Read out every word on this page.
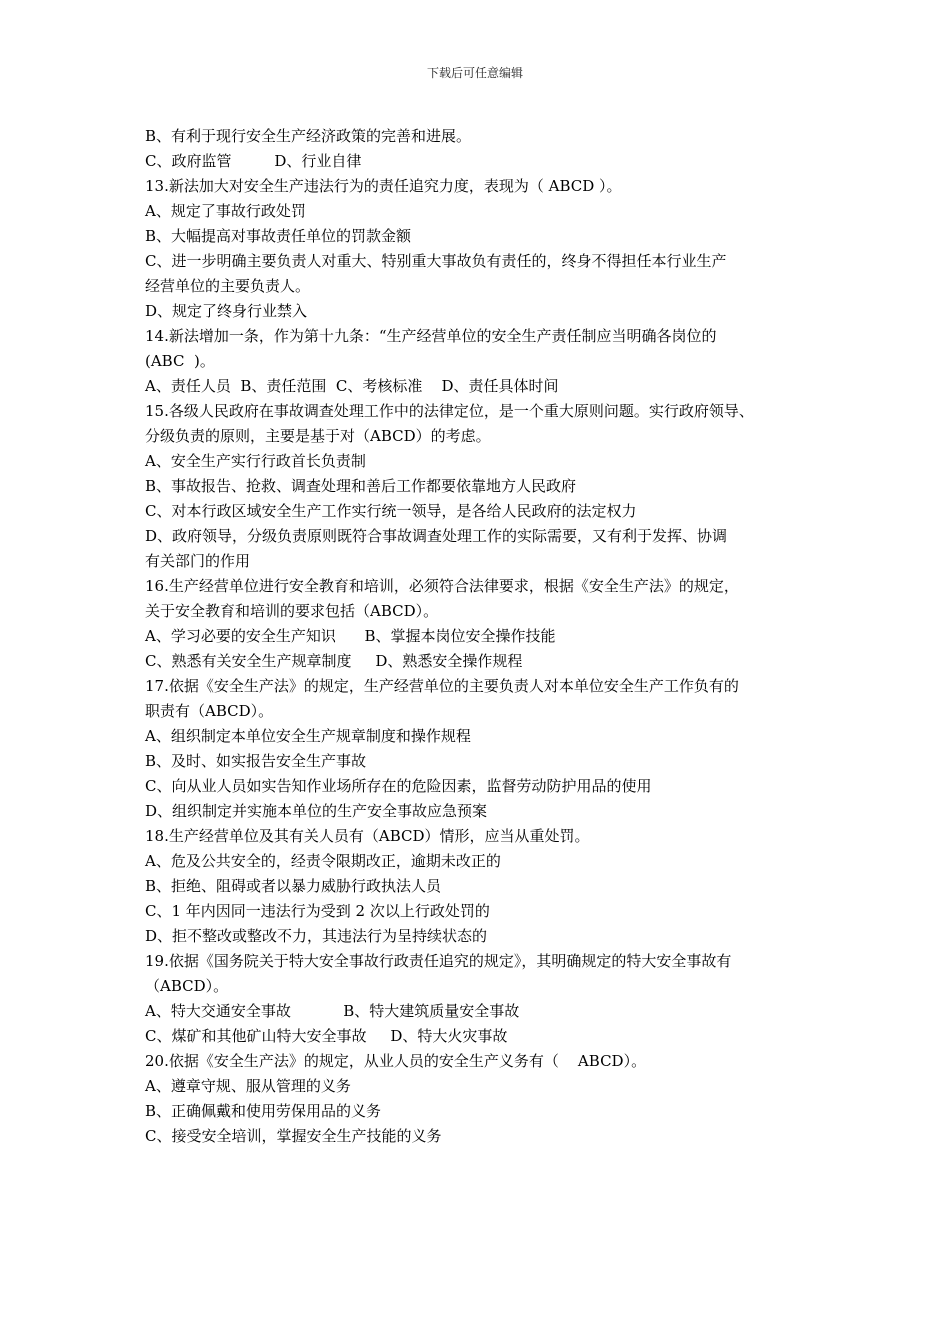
下载后可任意编辑
B、有利于现行安全生产经济政策的完善和进展。
C、政府监管         D、行业自律
13.新法加大对安全生产违法行为的责任追究力度，表现为（ ABCD ）。
A、规定了事故行政处罚
B、大幅提高对事故责任单位的罚款金额
C、进一步明确主要负责人对重大、特别重大事故负有责任的，终身不得担任本行业生产
经营单位的主要负责人。
D、规定了终身行业禁入
14.新法增加一条，作为第十九条：“生产经营单位的安全生产责任制应当明确各岗位的
(ABC  )。
A、责任人员  B、责任范围  C、考核标准    D、责任具体时间
15.各级人民政府在事故调查处理工作中的法律定位，是一个重大原则问题。实行政府领导、
分级负责的原则，主要是基于对（ABCD）的考虑。
A、安全生产实行行政首长负责制
B、事故报告、抢救、调查处理和善后工作都要依靠地方人民政府
C、对本行政区域安全生产工作实行统一领导，是各给人民政府的法定权力
D、政府领导，分级负责原则既符合事故调查处理工作的实际需要，又有利于发挥、协调
有关部门的作用
16.生产经营单位进行安全教育和培训，必须符合法律要求，根据《安全生产法》的规定，
关于安全教育和培训的要求包括（ABCD）。
A、学习必要的安全生产知识      B、掌握本岗位安全操作技能
C、熟悉有关安全生产规章制度     D、熟悉安全操作规程
17.依据《安全生产法》的规定，生产经营单位的主要负责人对本单位安全生产工作负有的
职责有（ABCD）。
A、组织制定本单位安全生产规章制度和操作规程
B、及时、如实报告安全生产事故
C、向从业人员如实告知作业场所存在的危险因素，监督劳动防护用品的使用
D、组织制定并实施本单位的生产安全事故应急预案
18.生产经营单位及其有关人员有（ABCD）情形，应当从重处罚。
A、危及公共安全的，经责令限期改正，逾期未改正的
B、拒绝、阻碍或者以暴力威胁行政执法人员
C、1 年内因同一违法行为受到 2 次以上行政处罚的
D、拒不整改或整改不力，其违法行为呈持续状态的
19.依据《国务院关于特大安全事故行政责任追究的规定》，其明确规定的特大安全事故有
（ABCD）。
A、特大交通安全事故           B、特大建筑质量安全事故
C、煤矿和其他矿山特大安全事故     D、特大火灾事故
20.依据《安全生产法》的规定，从业人员的安全生产义务有（    ABCD）。
A、遵章守规、服从管理的义务
B、正确佩戴和使用劳保用品的义务
C、接受安全培训，掌握安全生产技能的义务
